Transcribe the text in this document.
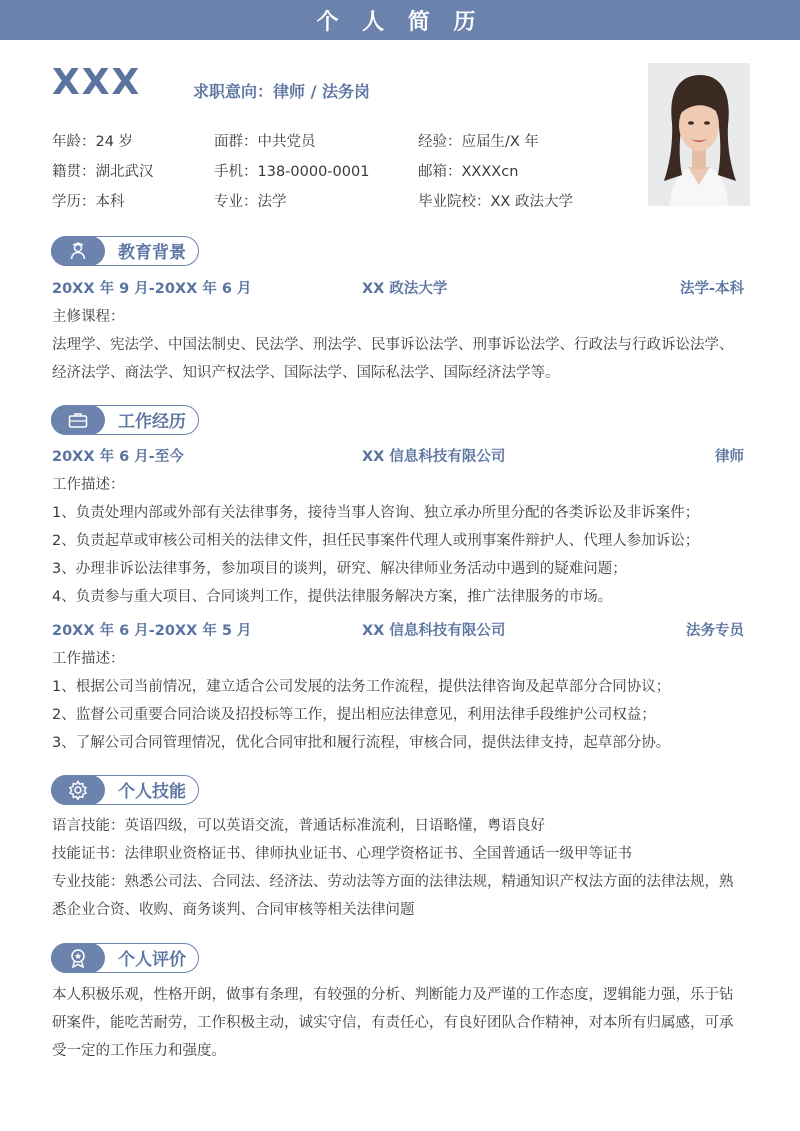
个 人 简 历
XXX	求职意向：律师 / 法务岗
年龄：24 岁	面群：中共党员	经验：应届生/X 年
籍贯：湖北武汉	手机：138-0000-0001	邮箱：XXXXcn
学历：本科	专业：法学	毕业院校：XX 政法大学
教育背景
20XX 年 9 月-20XX 年 6 月	XX 政法大学	法学-本科
主修课程：
法理学、宪法学、中国法制史、民法学、刑法学、民事诉讼法学、刑事诉讼法学、行政法与行政诉讼法学、
经济法学、商法学、知识产权法学、国际法学、国际私法学、国际经济法学等。
工作经历
20XX 年 6 月-至今	XX 信息科技有限公司	律师
工作描述：
1、负责处理内部或外部有关法律事务，接待当事人咨询、独立承办所里分配的各类诉讼及非诉案件；
2、负责起草或审核公司相关的法律文件，担任民事案件代理人或刑事案件辩护人、代理人参加诉讼；
3、办理非诉讼法律事务，参加项目的谈判，研究、解决律师业务活动中遇到的疑难问题；
4、负责参与重大项目、合同谈判工作，提供法律服务解决方案，推广法律服务的市场。
20XX 年 6 月-20XX 年 5 月	XX 信息科技有限公司	法务专员
工作描述：
1、根据公司当前情况，建立适合公司发展的法务工作流程，提供法律咨询及起草部分合同协议；
2、监督公司重要合同洽谈及招投标等工作，提出相应法律意见，利用法律手段维护公司权益；
3、了解公司合同管理情况，优化合同审批和履行流程，审核合同，提供法律支持，起草部分协。
个人技能
语言技能：英语四级，可以英语交流，普通话标准流利，日语略懂，粤语良好
技能证书：法律职业资格证书、律师执业证书、心理学资格证书、全国普通话一级甲等证书
专业技能：熟悉公司法、合同法、经济法、劳动法等方面的法律法规，精通知识产权法方面的法律法规，熟
悉企业合资、收购、商务谈判、合同审核等相关法律问题
个人评价
本人积极乐观，性格开朗，做事有条理，有较强的分析、判断能力及严谨的工作态度，逻辑能力强，乐于钻
研案件，能吃苦耐劳，工作积极主动，诚实守信，有责任心，有良好团队合作精神，对本所有归属感，可承
受一定的工作压力和强度。
